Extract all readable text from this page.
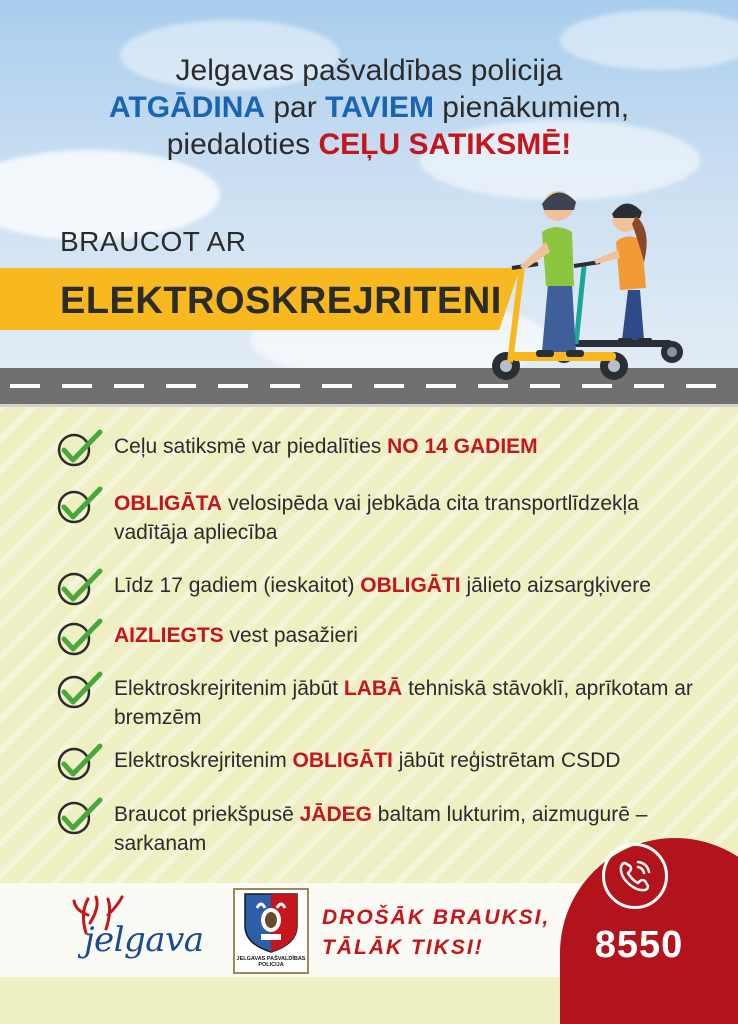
Jelgavas pašvaldības policija
ATGĀDINA par TAVIEM pienākumiem,
piedaloties CEĻU SATIKSMĒ!
BRAUCOT AR
ELEKTROSKREJRITENI
Ceļu satiksmē var piedalīties NO 14 GADIEM
OBLIGĀTA velosipēda vai jebkāda cita transportlīdzekļa vadītāja apliecība
Līdz 17 gadiem (ieskaitot) OBLIGĀTI jālieto aizsargķivere
AIZLIEGTS vest pasažieri
Elektroskrejritenim jābūt LABĀ tehniskā stāvoklī, aprīkotam ar bremzēm
Elektroskrejritenim OBLIGĀTI jābūt reģistrētam CSDD
Braucot priekšpusē JĀDEG baltam lukturim, aizmugurē – sarkanam
jelgava	JELGAVAS PAŠVALDĪBAS POLICIJA
DROŠĀK BRAUKSI,
TĀLĀK TIKSI!	8550
